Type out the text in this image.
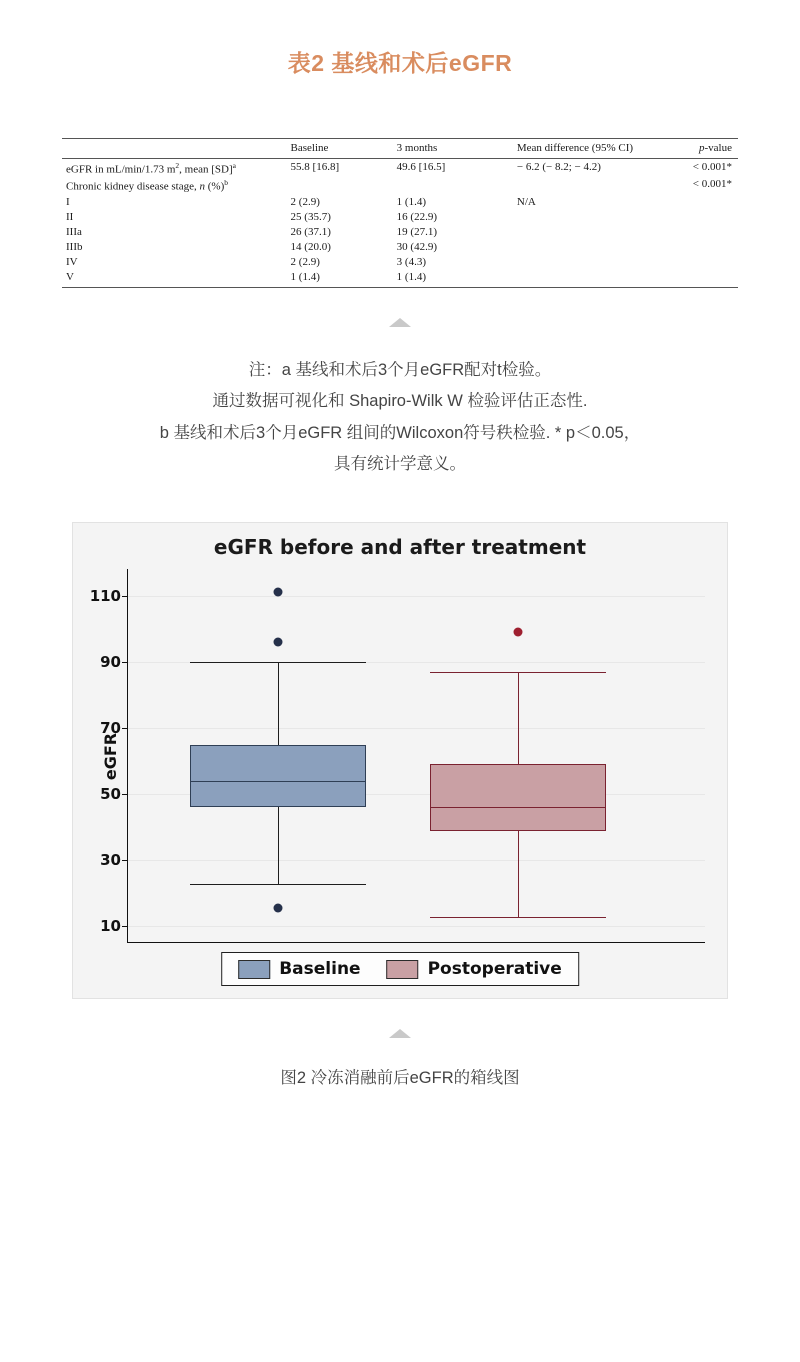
表2 基线和术后eGFR
	Baseline	3 months	Mean difference (95% CI)	p-value
eGFR in mL/min/1.73 $m^2$, mean [SD]$^a$	55.8 [16.8]	49.6 [16.5]	− 6.2 (− 8.2; − 4.2)	< 0.001*
Chronic kidney disease stage, n (%)$^b$				< 0.001*
I	2 (2.9)	1 (1.4)	N/A	
II	25 (35.7)	16 (22.9)		
IIIa	26 (37.1)	19 (27.1)		
IIIb	14 (20.0)	30 (42.9)		
IV	2 (2.9)	3 (4.3)		
V	1 (1.4)	1 (1.4)		
注：a 基线和术后3个月eGFR配对t检验。
通过数据可视化和 Shapiro-Wilk W 检验评估正态性.
b 基线和术后3个月eGFR 组间的Wilcoxon符号秩检验. * p＜0.05，
具有统计学意义。
eGFR before and after treatment
eGFR
110
90
70
50
30
10
Baseline	Postoperative
图2 冷冻消融前后eGFR的箱线图
